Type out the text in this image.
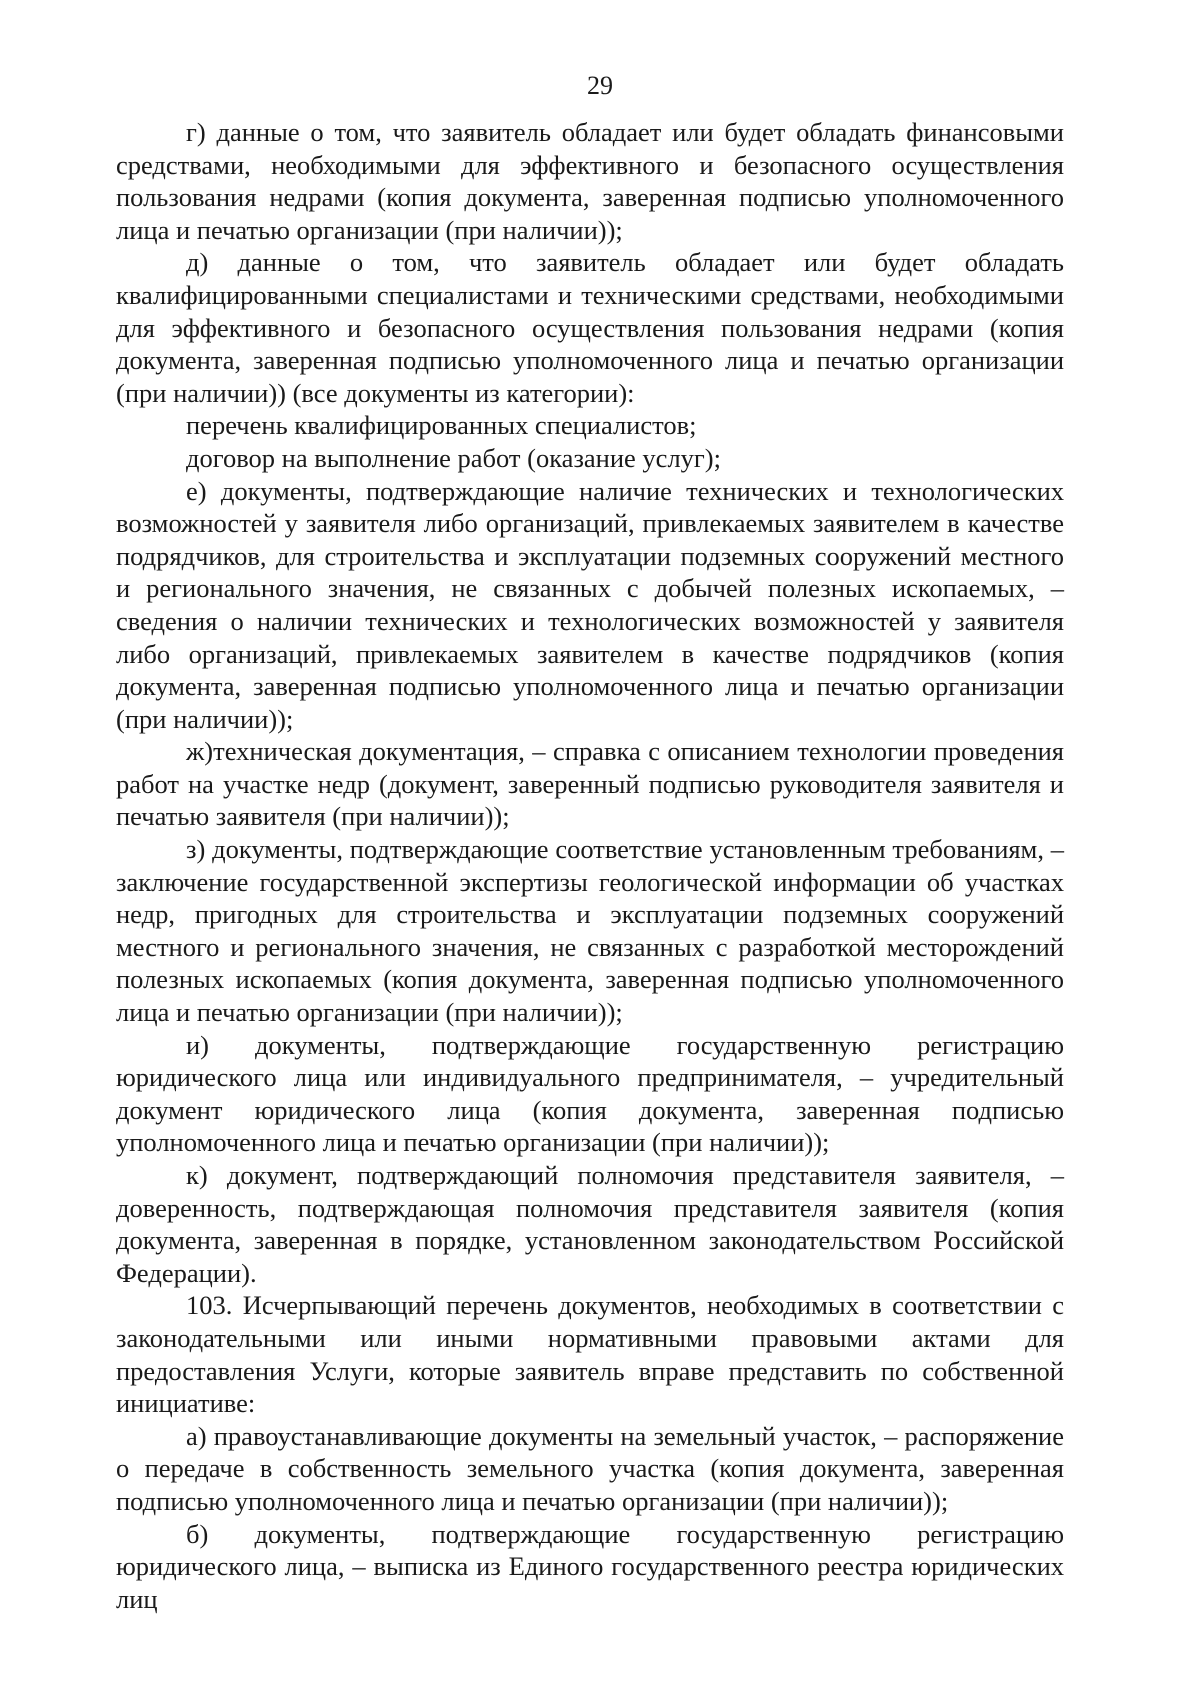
29

г) данные о том, что заявитель обладает или будет обладать финансовыми средствами, необходимыми для эффективного и безопасного осуществления пользования недрами (копия документа, заверенная подписью уполномоченного лица и печатью организации (при наличии));

д) данные о том, что заявитель обладает или будет обладать квалифицированными специалистами и техническими средствами, необходимыми для эффективного и безопасного осуществления пользования недрами (копия документа, заверенная подписью уполномоченного лица и печатью организации (при наличии)) (все документы из категории):

перечень квалифицированных специалистов;

договор на выполнение работ (оказание услуг);

е) документы, подтверждающие наличие технических и технологических возможностей у заявителя либо организаций, привлекаемых заявителем в качестве подрядчиков, для строительства и эксплуатации подземных сооружений местного и регионального значения, не связанных с добычей полезных ископаемых, – сведения о наличии технических и технологических возможностей у заявителя либо организаций, привлекаемых заявителем в качестве подрядчиков (копия документа, заверенная подписью уполномоченного лица и печатью организации (при наличии));

ж)техническая документация, – справка с описанием технологии проведения работ на участке недр (документ, заверенный подписью руководителя заявителя и печатью заявителя (при наличии));

з) документы, подтверждающие соответствие установленным требованиям, – заключение государственной экспертизы геологической информации об участках недр, пригодных для строительства и эксплуатации подземных сооружений местного и регионального значения, не связанных с разработкой месторождений полезных ископаемых (копия документа, заверенная подписью уполномоченного лица и печатью организации (при наличии));

и) документы, подтверждающие государственную регистрацию юридического лица или индивидуального предпринимателя, – учредительный документ юридического лица (копия документа, заверенная подписью уполномоченного лица и печатью организации (при наличии));

к) документ, подтверждающий полномочия представителя заявителя, – доверенность, подтверждающая полномочия представителя заявителя (копия документа, заверенная в порядке, установленном законодательством Российской Федерации).

103. Исчерпывающий перечень документов, необходимых в соответствии с законодательными или иными нормативными правовыми актами для предоставления Услуги, которые заявитель вправе представить по собственной инициативе:

а) правоустанавливающие документы на земельный участок, – распоряжение о передаче в собственность земельного участка (копия документа, заверенная подписью уполномоченного лица и печатью организации (при наличии));

б) документы, подтверждающие государственную регистрацию юридического лица, – выписка из Единого государственного реестра юридических лиц
